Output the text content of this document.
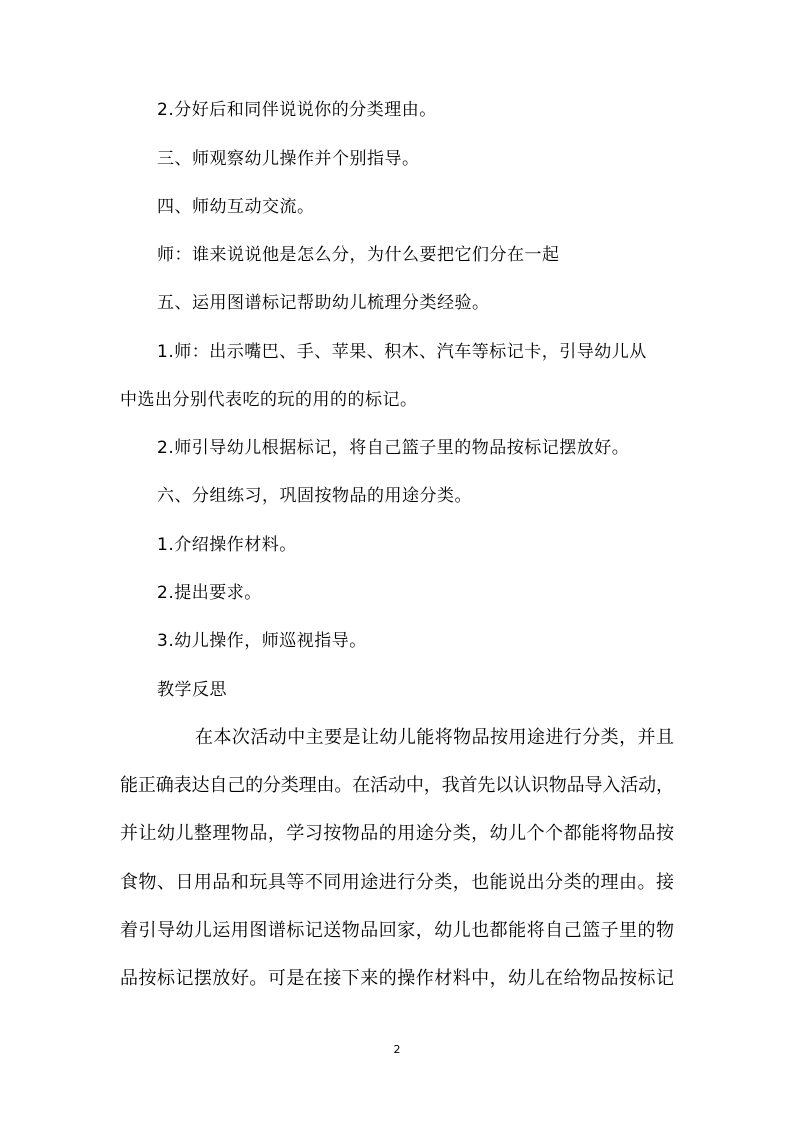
2.分好后和同伴说说你的分类理由。
三、师观察幼儿操作并个别指导。
四、师幼互动交流。
师：谁来说说他是怎么分，为什么要把它们分在一起
五、运用图谱标记帮助幼儿梳理分类经验。
1.师：出示嘴巴、手、苹果、积木、汽车等标记卡，引导幼儿从
中选出分别代表吃的玩的用的的标记。
2.师引导幼儿根据标记，将自己篮子里的物品按标记摆放好。
六、分组练习，巩固按物品的用途分类。
1.介绍操作材料。
2.提出要求。
3.幼儿操作，师巡视指导。
教学反思
在本次活动中主要是让幼儿能将物品按用途进行分类，并且
能正确表达自己的分类理由。在活动中，我首先以认识物品导入活动，
并让幼儿整理物品，学习按物品的用途分类，幼儿个个都能将物品按
食物、日用品和玩具等不同用途进行分类，也能说出分类的理由。接
着引导幼儿运用图谱标记送物品回家，幼儿也都能将自己篮子里的物
品按标记摆放好。可是在接下来的操作材料中，幼儿在给物品按标记
2
